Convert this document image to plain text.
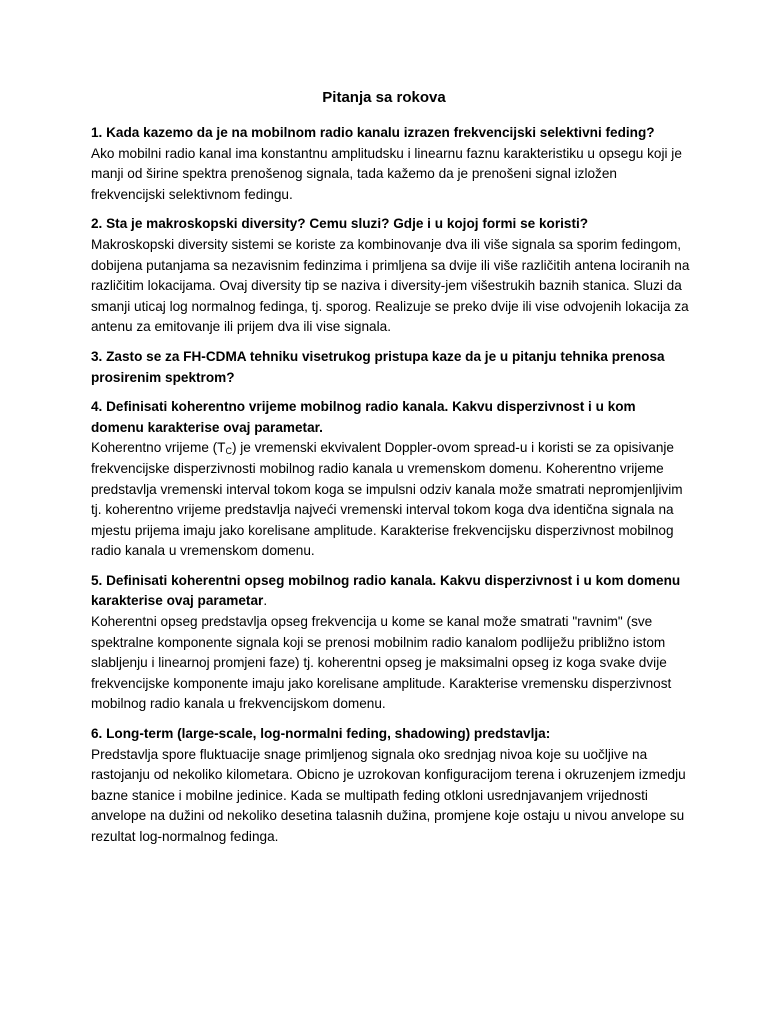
Pitanja sa rokova
1. Kada kazemo da je na mobilnom radio kanalu izrazen frekvencijski selektivni feding?
Ako mobilni radio kanal ima konstantnu amplitudsku i linearnu faznu karakteristiku u opsegu koji je manji od širine spektra prenošenog signala, tada kažemo da je prenošeni signal izložen frekvencijski selektivnom fedingu.
2. Sta je makroskopski diversity? Cemu sluzi? Gdje i u kojoj formi se koristi?
Makroskopski diversity sistemi se koriste za kombinovanje dva ili više signala sa sporim fedingom, dobijena putanjama sa nezavisnim fedinzima i primljena sa dvije ili više različitih antena lociranih na različitim lokacijama. Ovaj diversity tip se naziva i diversity-jem višestrukih baznih stanica. Sluzi da smanji uticaj log normalnog fedinga, tj. sporog. Realizuje se preko dvije ili vise odvojenih lokacija za antenu za emitovanje ili prijem dva ili vise signala.
3. Zasto se za FH-CDMA tehniku visetrukog pristupa kaze da je u pitanju tehnika prenosa prosirenim spektrom?
4. Definisati koherentno vrijeme mobilnog radio kanala. Kakvu disperzivnost i u kom domenu karakterise ovaj parametar.
Koherentno vrijeme $(T_C)$ je vremenski ekvivalent Doppler-ovom spread-u i koristi se za opisivanje frekvencijske disperzivnosti mobilnog radio kanala u vremenskom domenu. Koherentno vrijeme predstavlja vremenski interval tokom koga se impulsni odziv kanala može smatrati nepromjenljivim tj. koherentno vrijeme predstavlja najveći vremenski interval tokom koga dva identična signala na mjestu prijema imaju jako korelisane amplitude. Karakterise frekvencijsku disperzivnost mobilnog radio kanala u vremenskom domenu.
5. Definisati koherentni opseg mobilnog radio kanala. Kakvu disperzivnost i u kom domenu karakterise ovaj parametar.
Koherentni opseg predstavlja opseg frekvencija u kome se kanal može smatrati "ravnim" (sve spektralne komponente signala koji se prenosi mobilnim radio kanalom podliježu približno istom slabljenju i linearnoj promjeni faze) tj. koherentni opseg je maksimalni opseg iz koga svake dvije frekvencijske komponente imaju jako korelisane amplitude. Karakterise vremensku disperzivnost mobilnog radio kanala u frekvencijskom domenu.
6. Long-term (large-scale, log-normalni feding, shadowing) predstavlja:
Predstavlja spore fluktuacije snage primljenog signala oko srednjag nivoa koje su uočljive na rastojanju od nekoliko kilometara. Obicno je uzrokovan konfiguracijom terena i okruzenjem izmedju bazne stanice i mobilne jedinice. Kada se multipath feding otkloni usrednjavanjem vrijednosti anvelope na dužini od nekoliko desetina talasnih dužina, promjene koje ostaju u nivou anvelope su rezultat log-normalnog fedinga.
